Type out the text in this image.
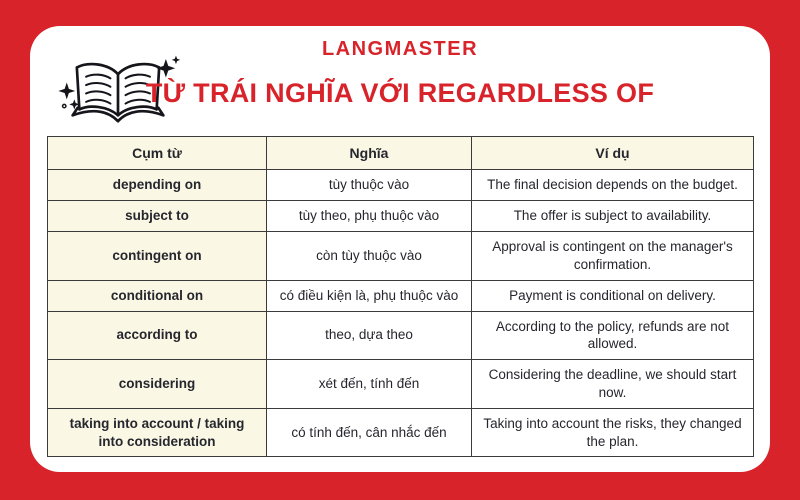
LANGMASTER
TỪ TRÁI NGHĨA VỚI REGARDLESS OF
Cụm từ	Nghĩa	Ví dụ
depending on	tùy thuộc vào	The final decision depends on the budget.
subject to	tùy theo, phụ thuộc vào	The offer is subject to availability.
contingent on	còn tùy thuộc vào	Approval is contingent on the manager's confirmation.
conditional on	có điều kiện là, phụ thuộc vào	Payment is conditional on delivery.
according to	theo, dựa theo	According to the policy, refunds are not allowed.
considering	xét đến, tính đến	Considering the deadline, we should start now.
taking into account / taking into consideration	có tính đến, cân nhắc đến	Taking into account the risks, they changed the plan.
